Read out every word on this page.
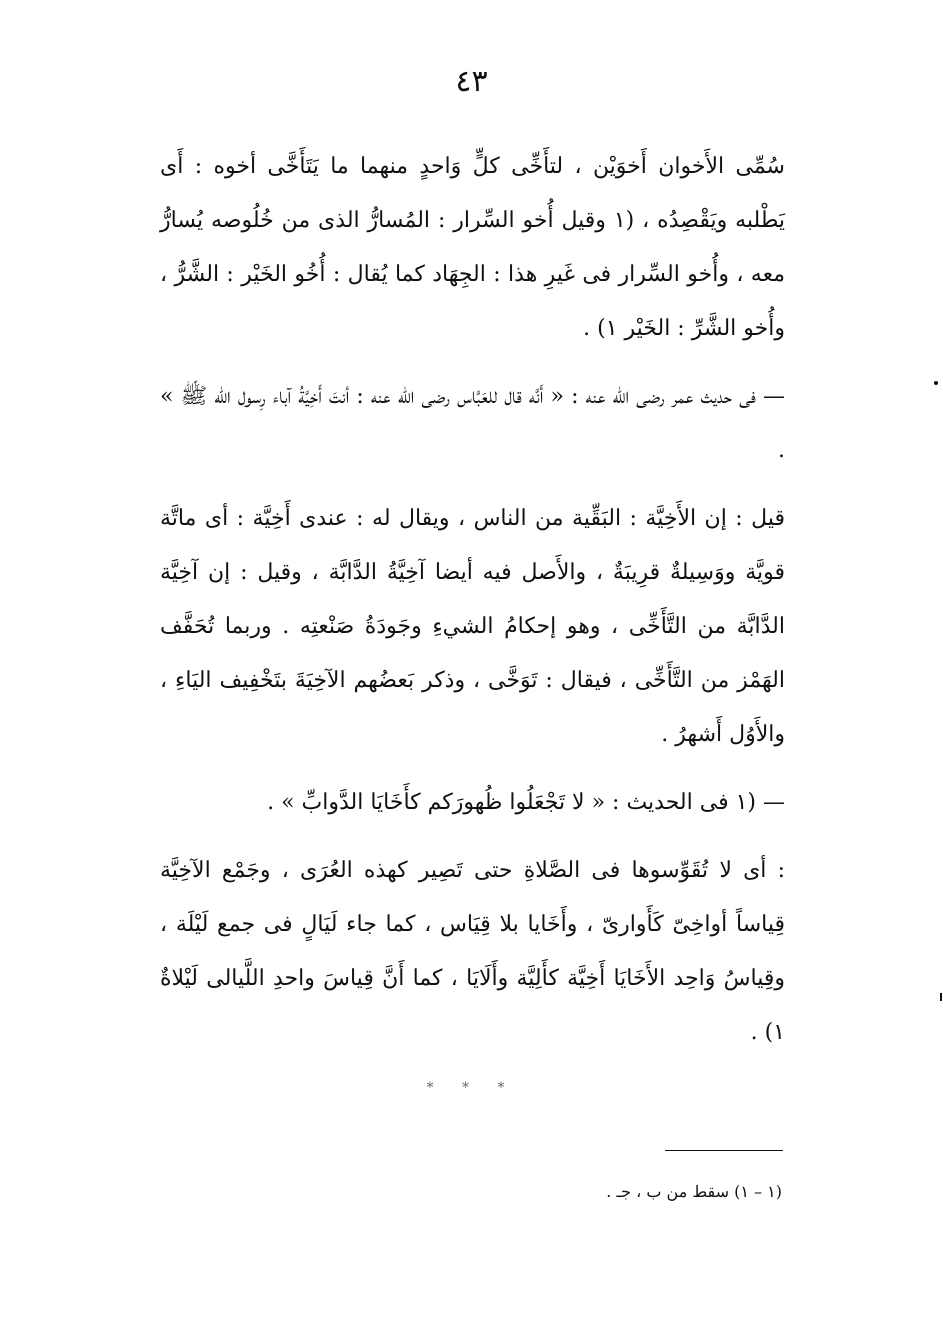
٤٣

سُمِّى الأَخوان أَخوَيْن ، لتأَخِّى كلٍّ وَاحدٍ منهما ما يَتَأَخَّى أخوه : أَى يَطْلبه ويَقْصِدُه ، (١ وقيل أُخو السِّرار : المُسارُّ الذى من خُلُوصه يُسارُّ معه ، وأُخو السِّرار فى غَيرِ هذا : الجِهَاد كما يُقال : أُخُو الخَيْر : الشَّرُّ ، وأُخو الشَّرِّ : الخَيْر ١) .

— فى حديث عمر رضى الله عنه : « أَنَّه قال للعَبَّاس رضى الله عنه : أنتَ أَخِيَّةُ آباء رِسول الله ﷺ » .

قيل : إن الأَخِيَّة : البَقِّية من الناس ، ويقال له : عندى أَخِيَّة : أى ماتَّة قويَّة ووَسِيلةٌ قرِيبَةٌ ، والأَصل فيه أيضا آخِيَّةُ الدَّابَّة ، وقيل : إن آخِيَّة الدَّابَّة من التَّأَخِّى ، وهو إحكامُ الشيءِ وجَودَةُ صَنْعتِه . وربما تُحَفَّف الهَمْز من التَّأَخِّى ، فيقال : تَوَخَّى ، وذكر بَعضُهم الآخِيَةَ بتَخْفِيف اليَاءِ ، والأَوُل أَشهرُ .

— (١ فى الحديث : « لا تَجْعَلُوا ظُهورَكم كأَخَايَا الدَّوابِّ » .

: أى لا تُقَوِّسوها فى الصَّلاةِ حتى تَصِير كهذه العُرَى ، وجَمْع الآخِيَّة قِياساً أواخِىّ كَأَوارىّ ، وأَخَايا بلا قِيَاس ، كما جاء لَيَالٍ فى جمع لَيْلَة ، وقِياسُ وَاحِد الأَخَايَا أَخِيَّة كأَلِيَّة وأَلَايَا ، كما أَنَّ قِياسَ واحدِ اللَّيالى لَيْلاةٌ ١) .

* * *
(١ – ١) سقط من ب ، جـ .
